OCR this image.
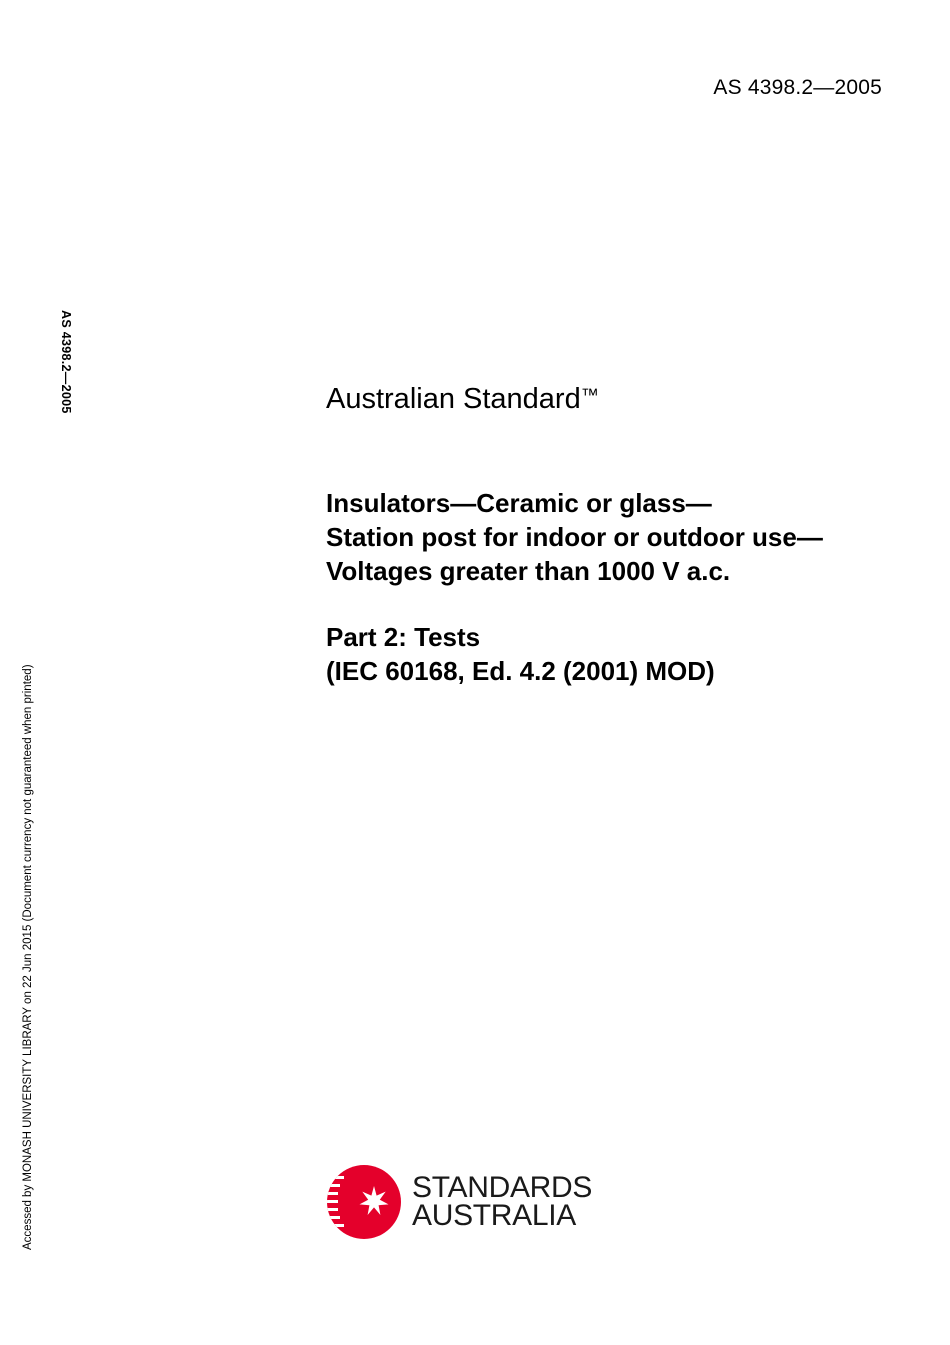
AS 4398.2—2005
AS 4398.2—2005
Accessed by MONASH UNIVERSITY LIBRARY on 22 Jun 2015 (Document currency not guaranteed when printed)
Australian Standard™
Insulators—Ceramic or glass—
Station post for indoor or outdoor use—
Voltages greater than 1000 V a.c.
Part 2: Tests
(IEC 60168, Ed. 4.2 (2001) MOD)
STANDARDS
AUSTRALIA
